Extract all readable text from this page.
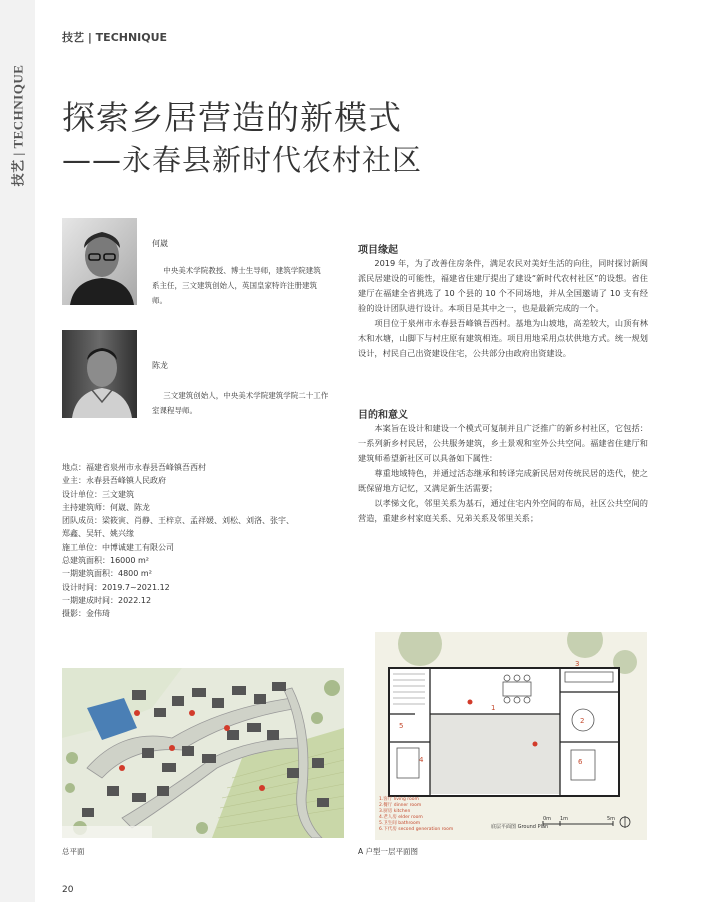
技艺 | TECHNIQUE
技艺 | TECHNIQUE
探索乡居营造的新模式
——永春县新时代农村社区
何崴
中央美术学院教授、博士生导师，建筑学院建筑系主任，三文建筑创始人，英国皇家特许注册建筑师。
陈龙
三文建筑创始人，中央美术学院建筑学院二十工作室课程导师。
地点：福建省泉州市永春县吾峰镇吾西村
业主：永春县吾峰镇人民政府
设计单位：三文建筑
主持建筑师：何崴、陈龙
团队成员：梁筱寅、肖静、王梓京、孟祥媛、刘松、刘洛、张宇、
郑鑫、吴轩、姚兴缘
施工单位：中博诚建工有限公司
总建筑面积：16000 m²
一期建筑面积：4800 m²
设计时间：2019.7~2021.12
一期建成时间：2022.12
摄影：金伟琦
项目缘起

2019 年，为了改善住房条件，满足农民对美好生活的向往，同时探讨新闽派民居建设的可能性，福建省住建厅提出了建设“新时代农村社区”的设想。省住建厅在福建全省挑选了 10 个县的 10 个不同场地，并从全国邀请了 10 支有经验的设计团队进行设计。本项目是其中之一，也是最新完成的一个。

项目位于泉州市永春县吾峰镇吾西村。基地为山坡地，高差较大，山顶有林木和水塘，山脚下与村庄原有建筑相连。项目用地采用点状供地方式。统一规划设计，村民自己出资建设住宅，公共部分由政府出资建设。

目的和意义

本案旨在设计和建设一个模式可复制并且广泛推广的新乡村社区，它包括：一系列新乡村民居，公共服务建筑，乡土景观和室外公共空间。福建省住建厅和建筑师希望新社区可以具备如下属性：

尊重地域特色，并通过活态继承和转译完成新民居对传统民居的迭代，使之既保留地方记忆，又满足新生活需要；

以孝悌文化，邻里关系为基石，通过住宅内外空间的布局，社区公共空间的营造，重建乡村家庭关系、兄弟关系及邻里关系；

总平面
3
1
5
2
4	6
1.客厅 living room
2.餐厅 dinner room
3.厨房 kitchen
4.老人房 elder room
5.卫生间 bathroom
6.下代房 second generation room	底层平面图 Ground Plan
0m 1m	5m
A 户型一层平面图
20
